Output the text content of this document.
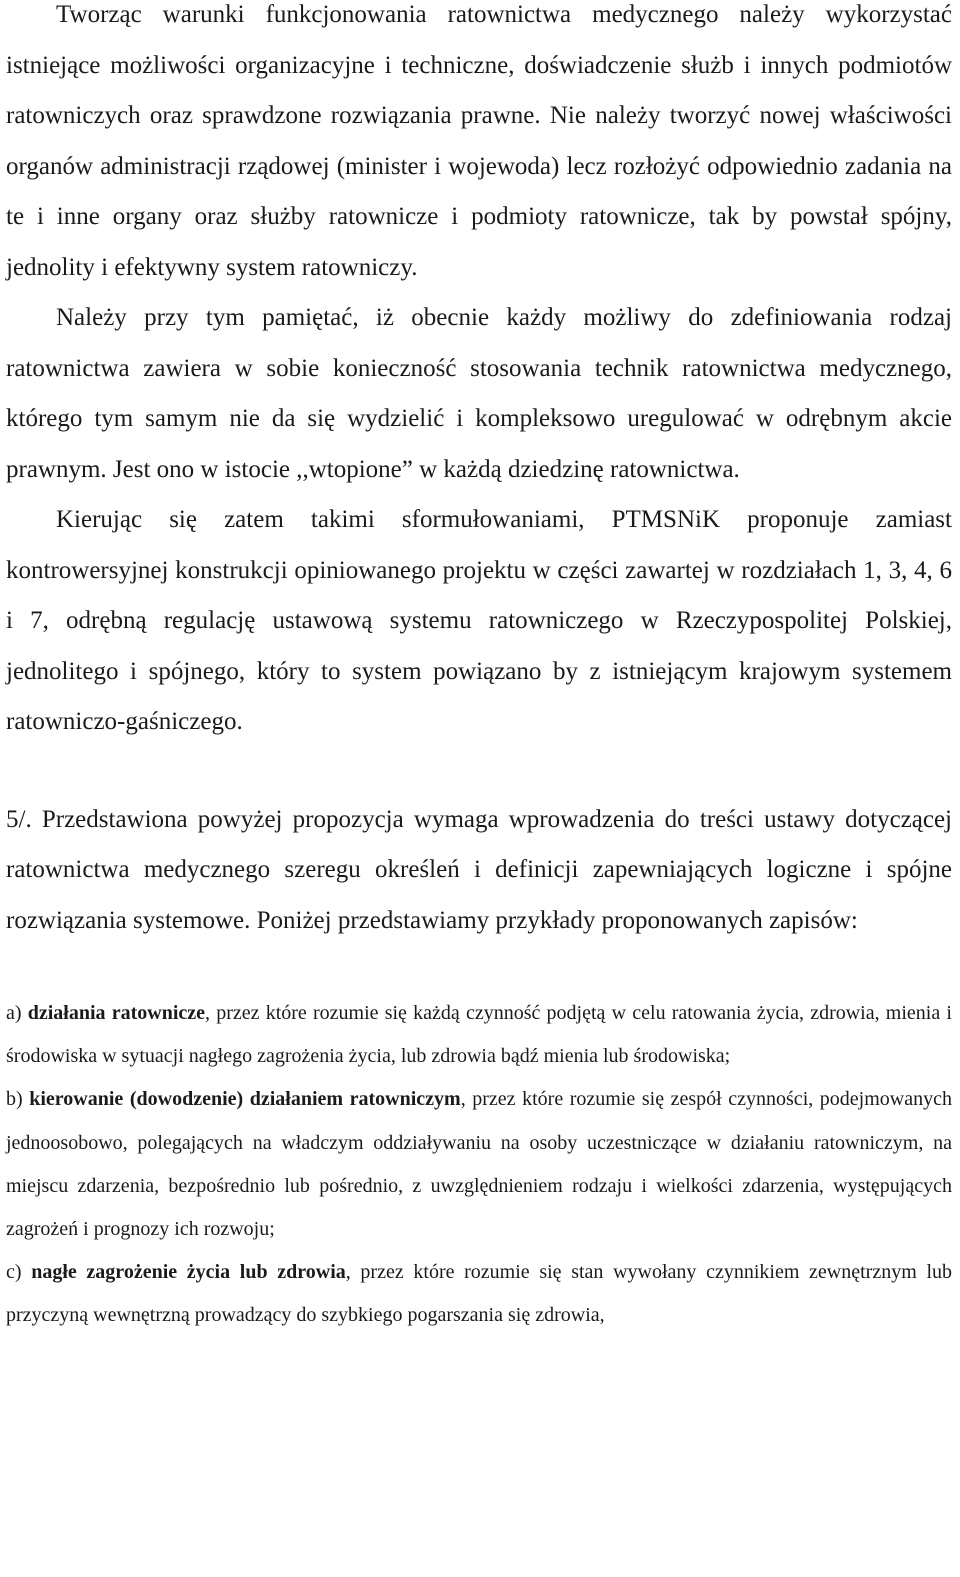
Tworząc warunki funkcjonowania ratownictwa medycznego należy wykorzystać istniejące możliwości organizacyjne i techniczne, doświadczenie służb i innych podmiotów ratowniczych oraz sprawdzone rozwiązania prawne. Nie należy tworzyć nowej właściwości organów administracji rządowej (minister i wojewoda) lecz rozłożyć odpowiednio zadania na te i inne organy oraz służby ratownicze i podmioty ratownicze, tak by powstał spójny, jednolity i efektywny system ratowniczy.

Należy przy tym pamiętać, iż obecnie każdy możliwy do zdefiniowania rodzaj ratownictwa zawiera w sobie konieczność stosowania technik ratownictwa medycznego, którego tym samym nie da się wydzielić i kompleksowo uregulować w odrębnym akcie prawnym. Jest ono w istocie ,,wtopione” w każdą dziedzinę ratownictwa.

Kierując się zatem takimi sformułowaniami, PTMSNiK proponuje zamiast kontrowersyjnej konstrukcji opiniowanego projektu w części zawartej w rozdziałach 1, 3, 4, 6 i 7, odrębną regulację ustawową systemu ratowniczego w Rzeczypospolitej Polskiej, jednolitego i spójnego, który to system powiązano by z istniejącym krajowym systemem ratowniczo-gaśniczego.

5/. Przedstawiona powyżej propozycja wymaga wprowadzenia do treści ustawy dotyczącej ratownictwa medycznego szeregu określeń i definicji zapewniających logiczne i spójne rozwiązania systemowe. Poniżej przedstawiamy przykłady proponowanych zapisów:

a) działania ratownicze, przez które rozumie się każdą czynność podjętą w celu ratowania życia, zdrowia, mienia i środowiska w sytuacji nagłego zagrożenia życia, lub zdrowia bądź mienia lub środowiska;

b) kierowanie (dowodzenie) działaniem ratowniczym, przez które rozumie się zespół czynności, podejmowanych jednoosobowo, polegających na władczym oddziaływaniu na osoby uczestniczące w działaniu ratowniczym, na miejscu zdarzenia, bezpośrednio lub pośrednio, z uwzględnieniem rodzaju i wielkości zdarzenia, występujących zagrożeń i prognozy ich rozwoju;

c) nagłe zagrożenie życia lub zdrowia, przez które rozumie się stan wywołany czynnikiem zewnętrznym lub przyczyną wewnętrzną prowadzący do szybkiego pogarszania się zdrowia,
